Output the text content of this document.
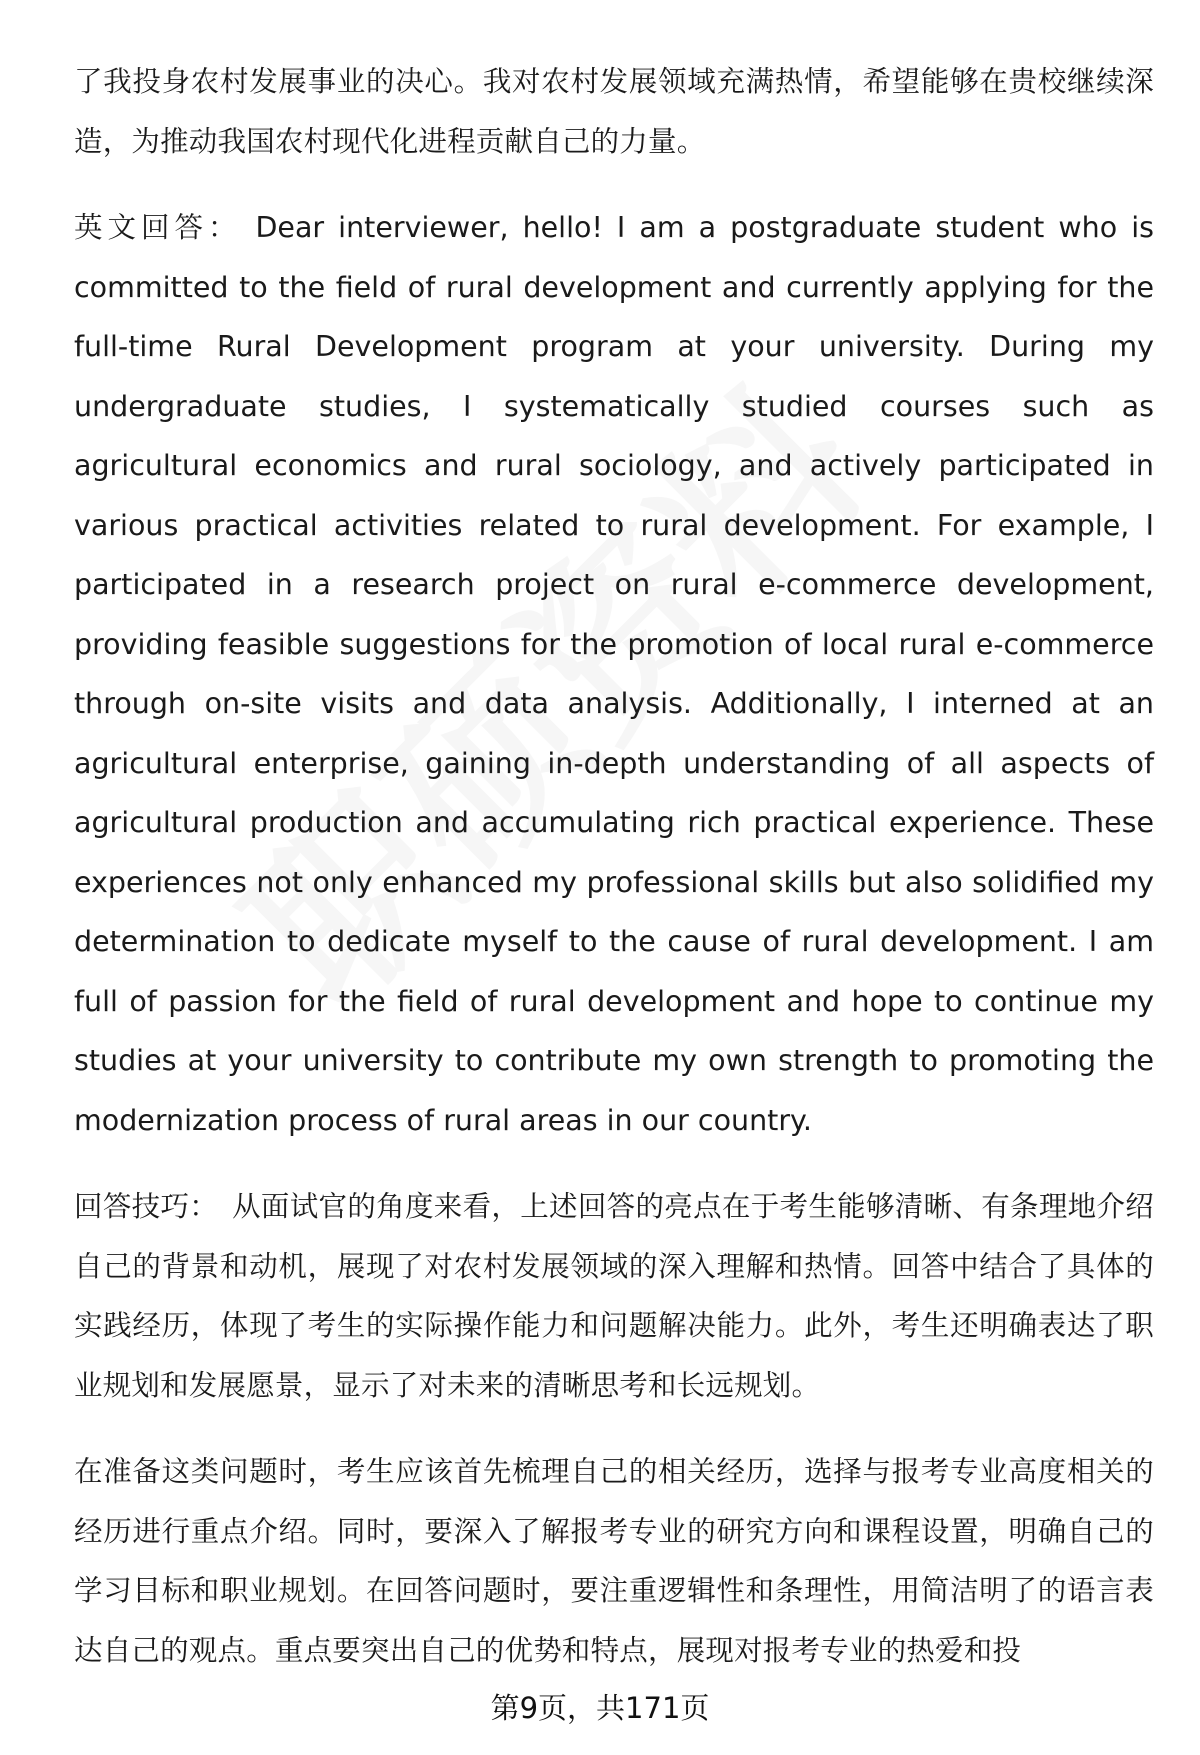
了我投身农村发展事业的决心。我对农村发展领域充满热情，希望能够在贵校继续深造，为推动我国农村现代化进程贡献自己的力量。

英文回答： Dear interviewer, hello! I am a postgraduate student who is committed to the field of rural development and currently applying for the full-time Rural Development program at your university. During my undergraduate studies, I systematically studied courses such as agricultural economics and rural sociology, and actively participated in various practical activities related to rural development. For example, I participated in a research project on rural e-commerce development, providing feasible suggestions for the promotion of local rural e-commerce through on-site visits and data analysis. Additionally, I interned at an agricultural enterprise, gaining in-depth understanding of all aspects of agricultural production and accumulating rich practical experience. These experiences not only enhanced my professional skills but also solidified my determination to dedicate myself to the cause of rural development. I am full of passion for the field of rural development and hope to continue my studies at your university to contribute my own strength to promoting the modernization process of rural areas in our country.

回答技巧： 从面试官的角度来看，上述回答的亮点在于考生能够清晰、有条理地介绍自己的背景和动机，展现了对农村发展领域的深入理解和热情。回答中结合了具体的实践经历，体现了考生的实际操作能力和问题解决能力。此外，考生还明确表达了职业规划和发展愿景，显示了对未来的清晰思考和长远规划。

在准备这类问题时，考生应该首先梳理自己的相关经历，选择与报考专业高度相关的经历进行重点介绍。同时，要深入了解报考专业的研究方向和课程设置，明确自己的学习目标和职业规划。在回答问题时，要注重逻辑性和条理性，用简洁明了的语言表达自己的观点。重点要突出自己的优势和特点，展现对报考专业的热爱和投

第9页，共171页
